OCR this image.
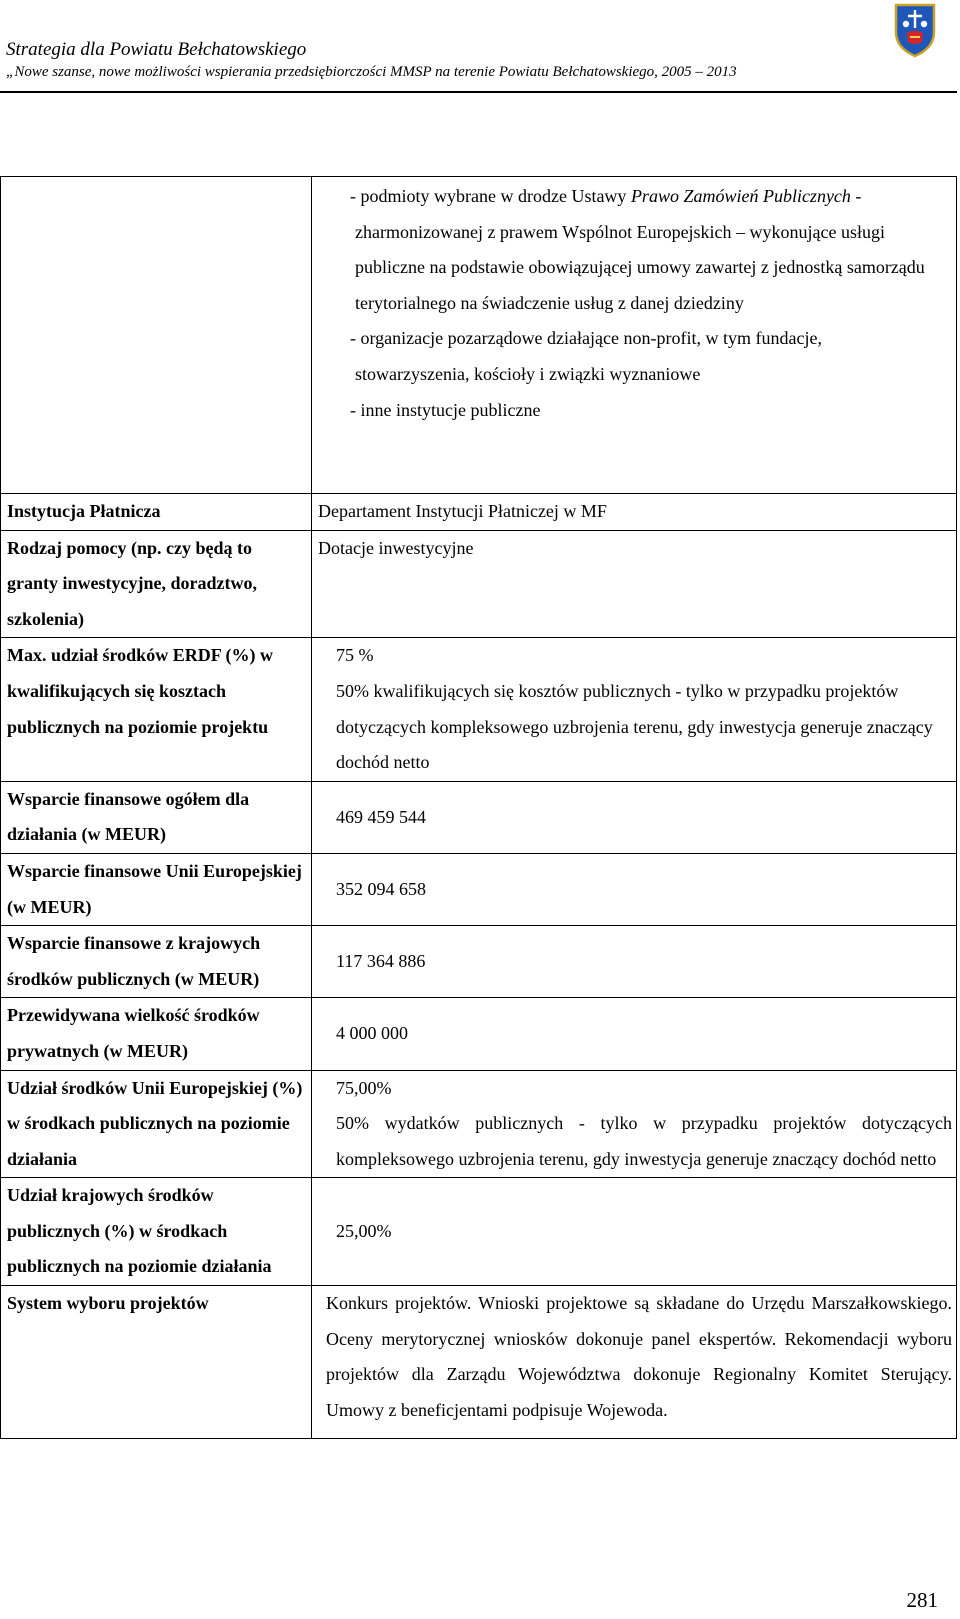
Strategia dla Powiatu Bełchatowskiego
„Nowe szanse, nowe możliwości wspierania przedsiębiorczości MMSP na terenie Powiatu Bełchatowskiego, 2005 – 2013

	- podmioty wybrane w drodze Ustawy Prawo Zamówień Publicznych -
zharmonizowanej z prawem Wspólnot Europejskich – wykonujące usługi publiczne na podstawie obowiązującej umowy zawartej z jednostką samorządu terytorialnego na świadczenie usług z danej dziedziny
- organizacje pozarządowe działające non-profit, w tym fundacje,
stowarzyszenia, kościoły i związki wyznaniowe
- inne instytucje publiczne

Instytucja Płatnicza	Departament Instytucji Płatniczej w MF
Rodzaj pomocy (np. czy będą to granty inwestycyjne, doradztwo, szkolenia)	Dotacje inwestycyjne
Max. udział środków ERDF (%) w kwalifikujących się kosztach publicznych na poziomie projektu	75 %
50% kwalifikujących się kosztów publicznych - tylko w przypadku projektów dotyczących kompleksowego uzbrojenia terenu, gdy inwestycja generuje znaczący dochód netto

Wsparcie finansowe ogółem dla działania (w MEUR)	469 459 544
Wsparcie finansowe Unii Europejskiej (w MEUR)	352 094 658
Wsparcie finansowe z krajowych środków publicznych (w MEUR)	117 364 886
Przewidywana wielkość środków prywatnych (w MEUR)	4 000 000
Udział środków Unii Europejskiej (%) w środkach publicznych na poziomie działania	75,00%
50% wydatków publicznych - tylko w przypadku projektów dotyczących kompleksowego uzbrojenia terenu, gdy inwestycja generuje znaczący dochód netto

Udział krajowych środków publicznych (%) w środkach publicznych na poziomie działania	25,00%
System wyboru projektów	Konkurs projektów. Wnioski projektowe są składane do Urzędu Marszałkowskiego. Oceny merytorycznej wniosków dokonuje panel ekspertów. Rekomendacji wyboru projektów dla Zarządu Województwa dokonuje Regionalny Komitet Sterujący. Umowy z beneficjentami podpisuje Wojewoda.
281
